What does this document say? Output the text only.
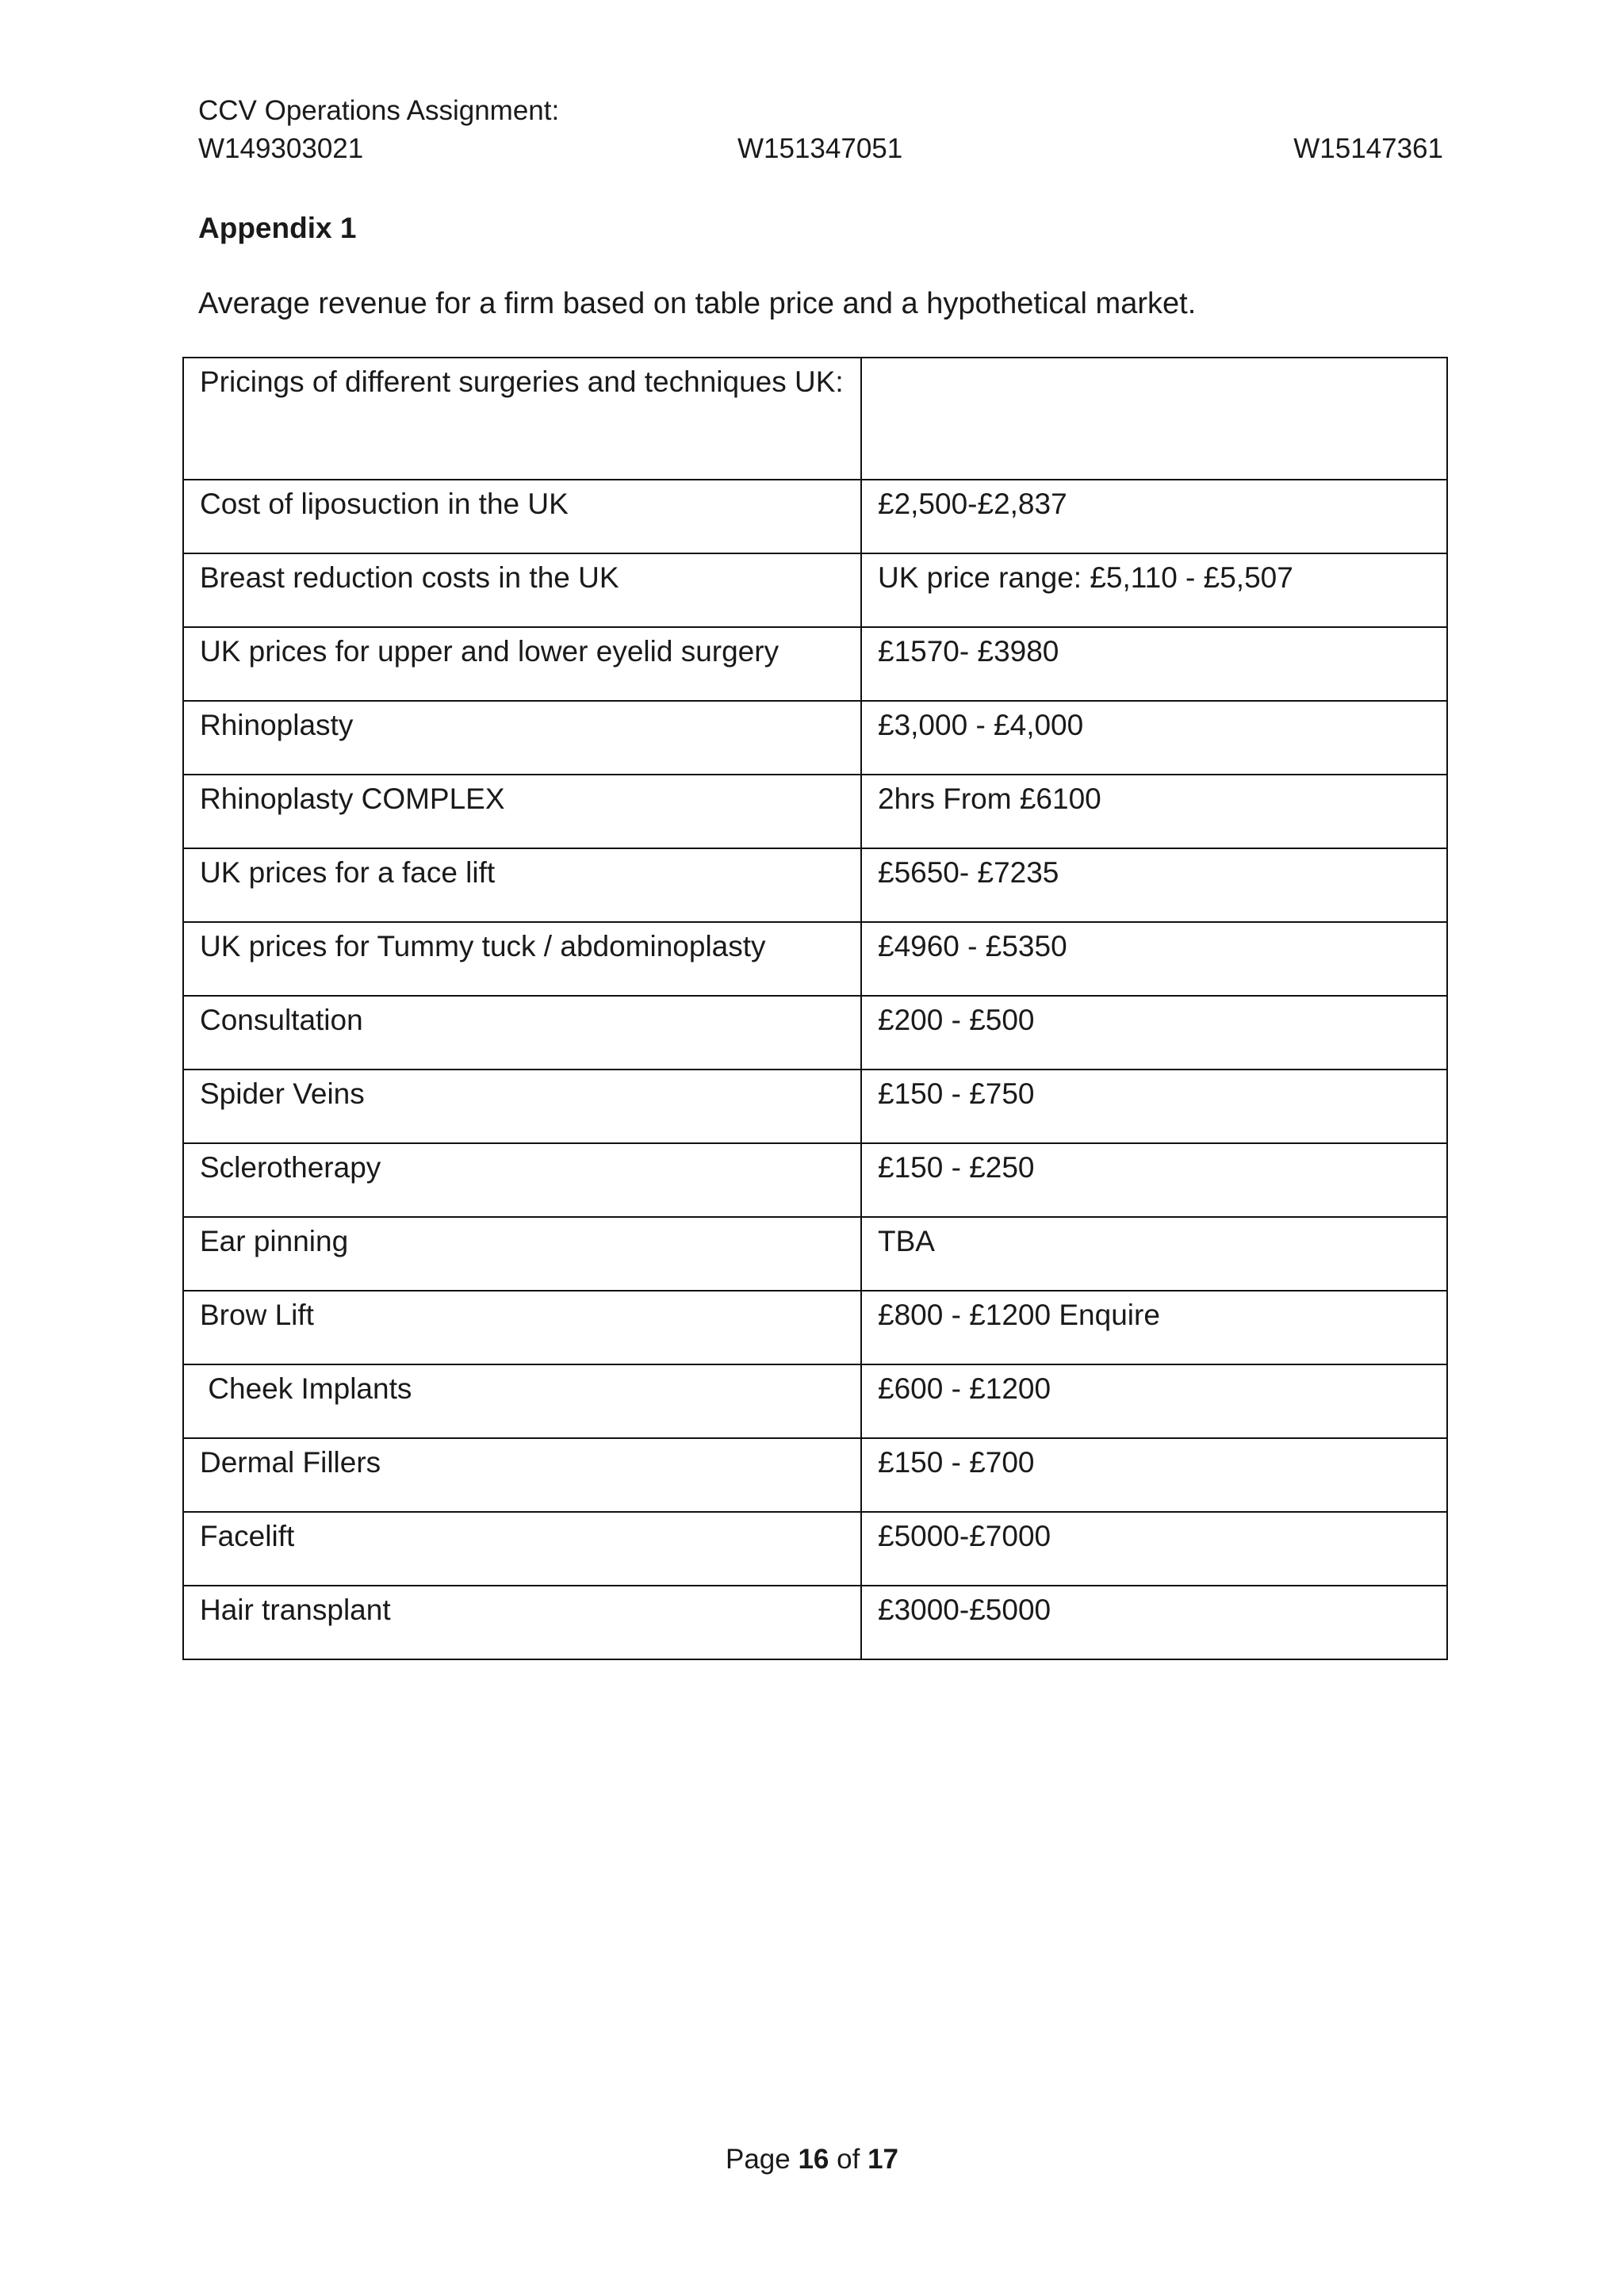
CCV Operations Assignment:
W149303021	W151347051	W15147361
Appendix 1
Average revenue for a firm based on table price and a hypothetical market.
Pricings of different surgeries and techniques UK:	
Cost of liposuction in the UK	£2,500-£2,837
Breast reduction costs in the UK	UK price range: £5,110 - £5,507
UK prices for upper and lower eyelid surgery	£1570- £3980
Rhinoplasty	£3,000 - £4,000
Rhinoplasty COMPLEX	2hrs From £6100
UK prices for a face lift	£5650- £7235
UK prices for Tummy tuck / abdominoplasty	£4960 - £5350
Consultation	£200 - £500
Spider Veins	£150 - £750
Sclerotherapy	£150 - £250
Ear pinning	TBA
Brow Lift	£800 - £1200 Enquire
Cheek Implants	£600 - £1200
Dermal Fillers	£150 - £700
Facelift	£5000-£7000
Hair transplant	£3000-£5000
Page 16 of 17
